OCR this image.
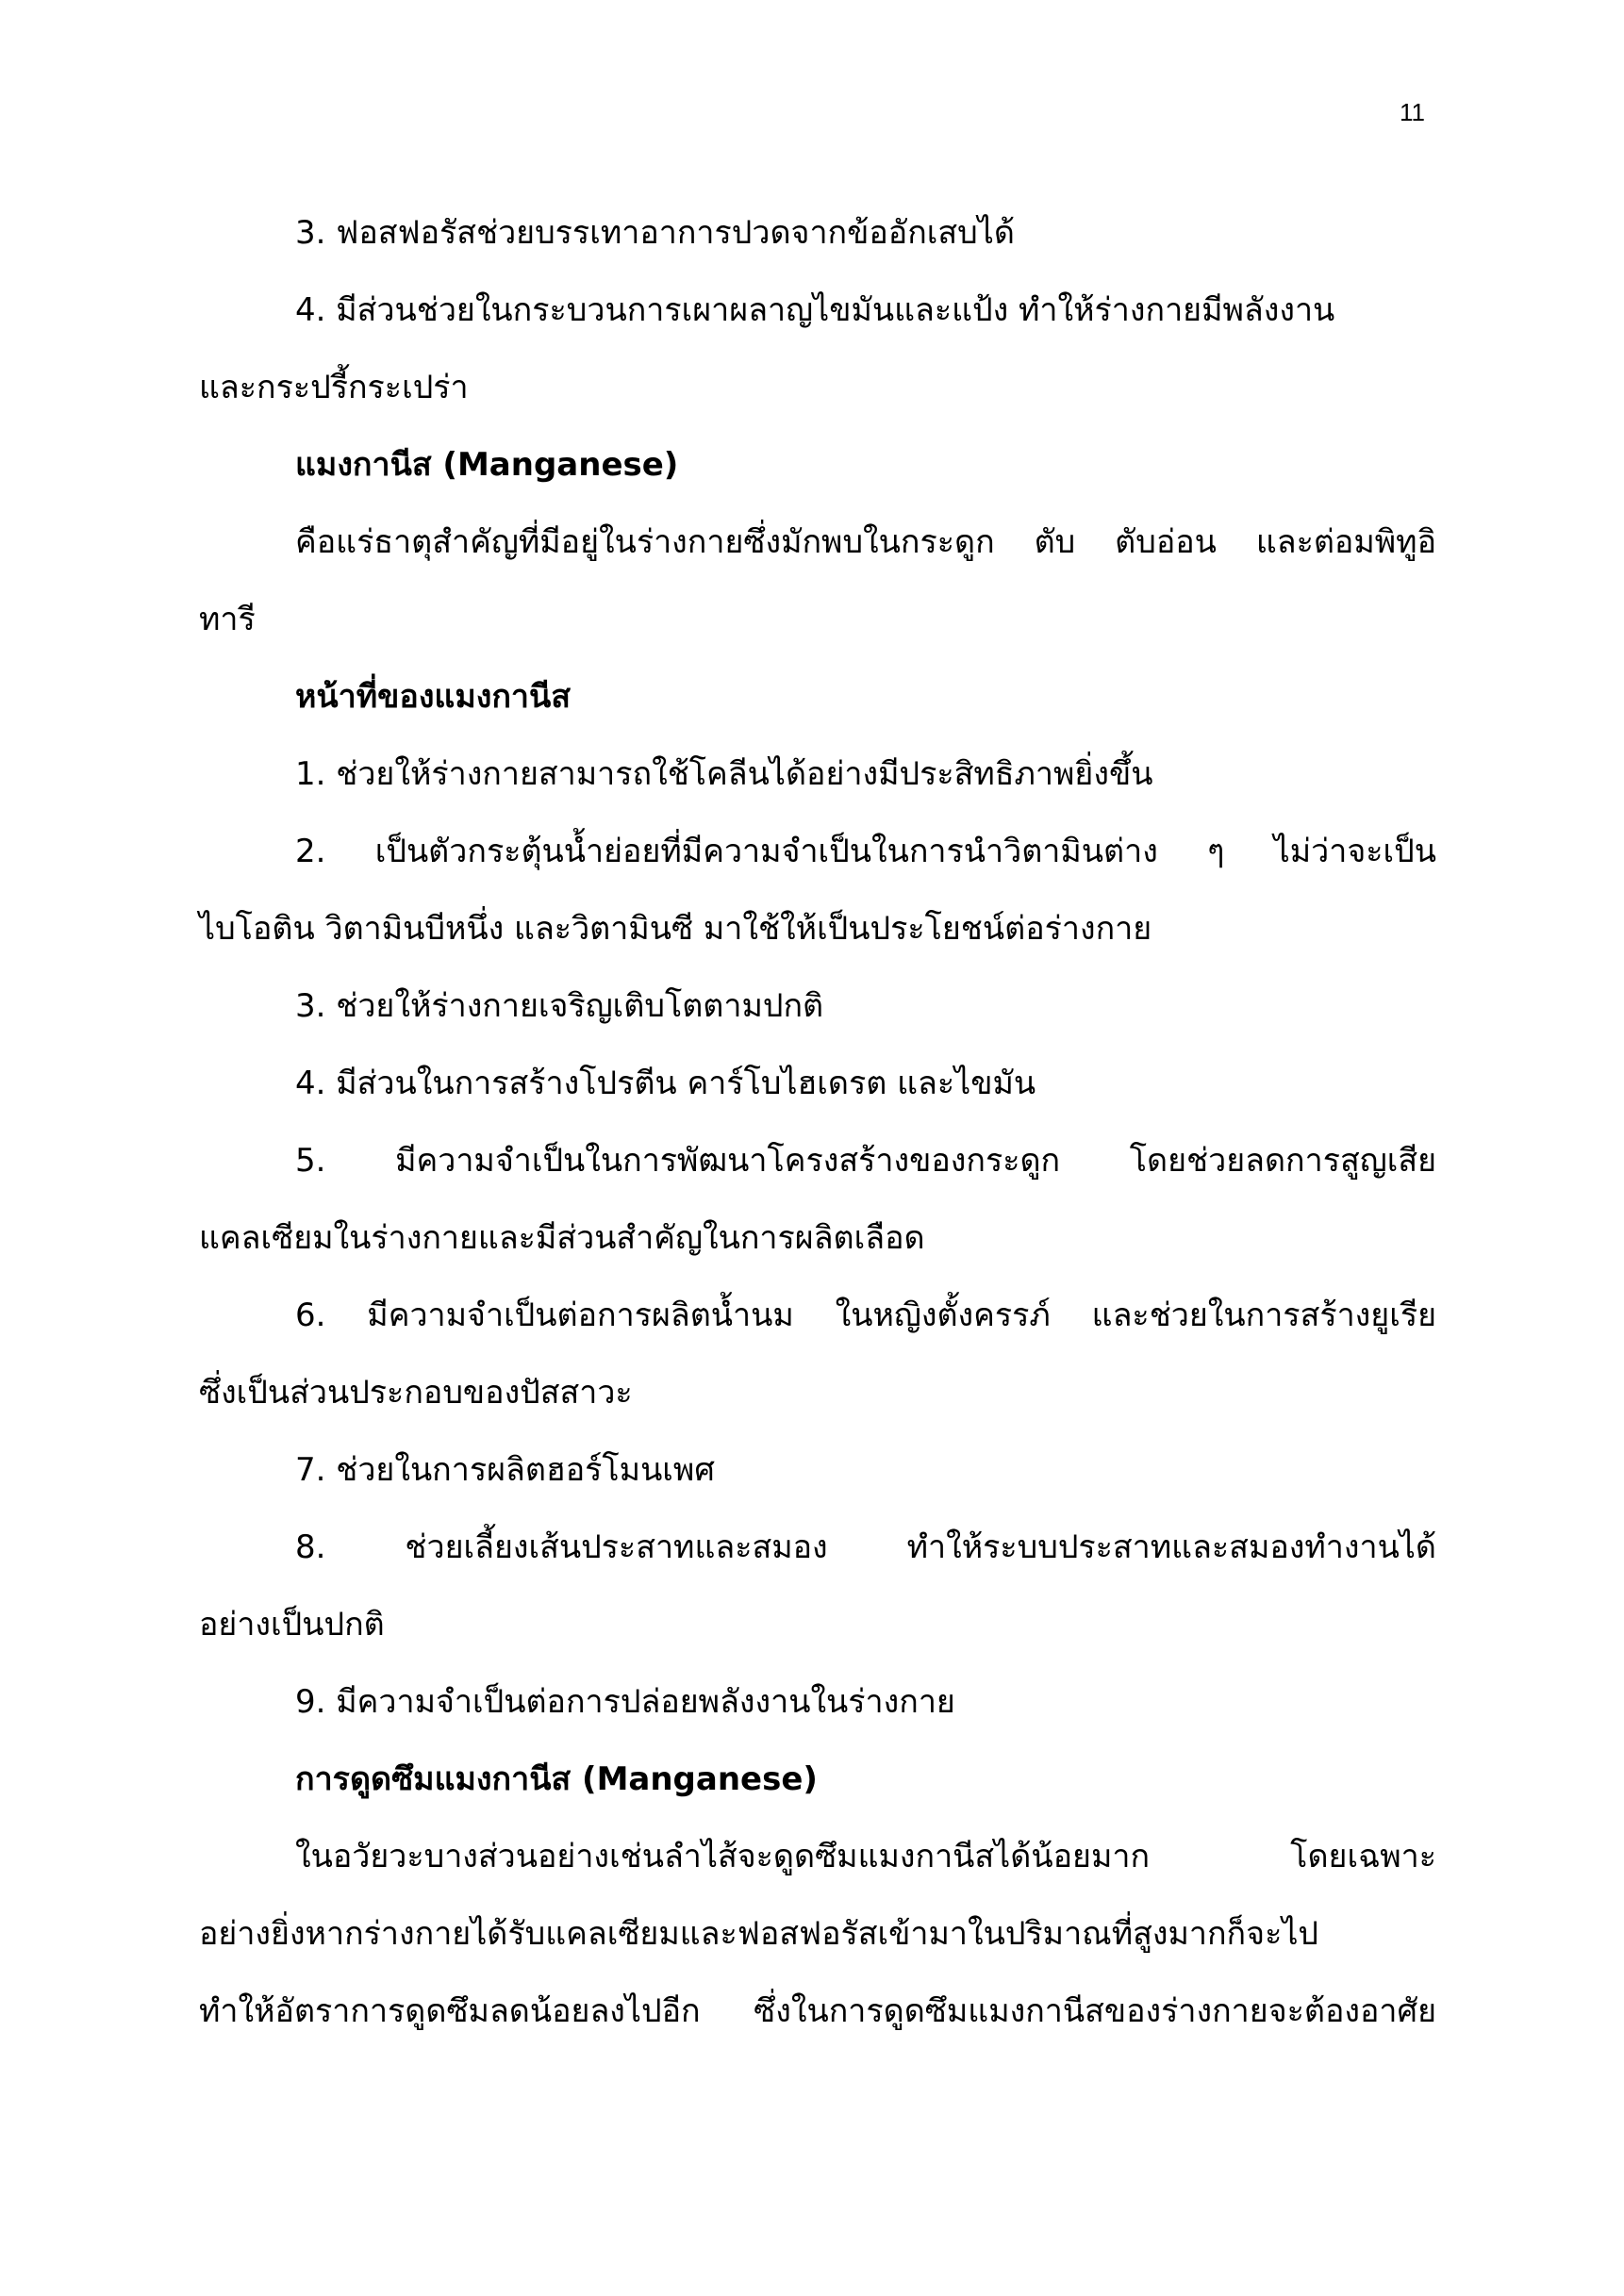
11
3. ฟอสฟอรัสช่วยบรรเทาอาการปวดจากข้ออักเสบได้
4. มีส่วนช่วยในกระบวนการเผาผลาญไขมันและแป้ง ทำให้ร่างกายมีพลังงาน
และกระปรี้กระเปร่า
แมงกานีส (Manganese)
คือแร่ธาตุสำคัญที่มีอยู่ในร่างกายซึ่งมักพบในกระดูก ตับ ตับอ่อน และต่อมพิทูอิ
ทารี
หน้าที่ของแมงกานีส
1. ช่วยให้ร่างกายสามารถใช้โคลีนได้อย่างมีประสิทธิภาพยิ่งขึ้น
2. เป็นตัวกระตุ้นน้ำย่อยที่มีความจำเป็นในการนำวิตามินต่าง ๆ ไม่ว่าจะเป็น
ไบโอติน วิตามินบีหนึ่ง และวิตามินซี มาใช้ให้เป็นประโยชน์ต่อร่างกาย
3. ช่วยให้ร่างกายเจริญเติบโตตามปกติ
4. มีส่วนในการสร้างโปรตีน คาร์โบไฮเดรต และไขมัน
5. มีความจำเป็นในการพัฒนาโครงสร้างของกระดูก โดยช่วยลดการสูญเสีย
แคลเซียมในร่างกายและมีส่วนสำคัญในการผลิตเลือด
6. มีความจำเป็นต่อการผลิตน้ำนม ในหญิงตั้งครรภ์ และช่วยในการสร้างยูเรีย
ซึ่งเป็นส่วนประกอบของปัสสาวะ
7. ช่วยในการผลิตฮอร์โมนเพศ
8. ช่วยเลี้ยงเส้นประสาทและสมอง ทำให้ระบบประสาทและสมองทำงานได้
อย่างเป็นปกติ
9. มีความจำเป็นต่อการปล่อยพลังงานในร่างกาย
การดูดซึมแมงกานีส (Manganese)
ในอวัยวะบางส่วนอย่างเช่นลำไส้จะดูดซึมแมงกานีสได้น้อยมาก โดยเฉพาะ
อย่างยิ่งหากร่างกายได้รับแคลเซียมและฟอสฟอรัสเข้ามาในปริมาณที่สูงมากก็จะไป
ทำให้อัตราการดูดซึมลดน้อยลงไปอีก ซึ่งในการดูดซึมแมงกานีสของร่างกายจะต้องอาศัย
